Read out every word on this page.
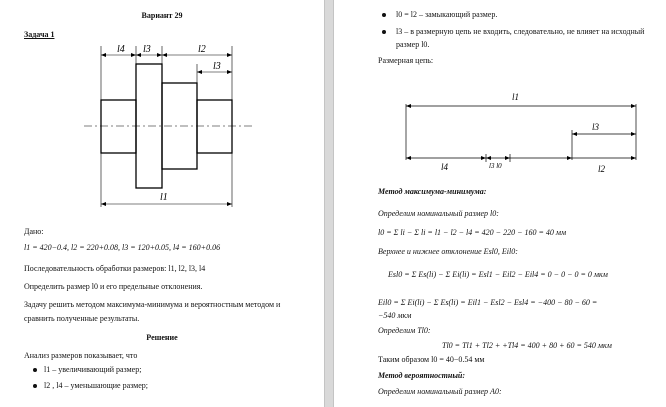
Вариант 29
Задача 1
l4 l3	l2
l3
l1
Дано:
l1 = 420−0.4, l2 = 220+0.08, l3 = 120+0.05, l4 = 160+0.06
Последовательность обработки размеров: l1, l2, l3, l4
Определить размер l0 и его предельные отклонения.
Задачу решить методом максимума-минимума и вероятностным методом и
сравнить полученные результаты.
Решение
Анализ размеров показывает, что
l1 – увеличивающий размер;
l2 , l4 – уменьшающие размер;
l0 = l2 – замыкающий размер.
l3 – в размерную цепь не входить, следовательно, не влияет на исходный
размер l0.
Размерная цепь:
l1
l3
l4	l3 l0	l2
Метод максимума-минимума:
Определим номинальный размер l0:
l0 = Σ li − Σ li = l1 − l2 − l4 = 420 − 220 − 160 = 40 мм
Верхнее и нижнее отклонение Esl0, Eil0:
Esl0 = Σ Es(li) − Σ Ei(li) = Esl1 − Eil2 − Eil4 = 0 − 0 − 0 = 0 мкм
Eil0 = Σ Ei(li) − Σ Es(li) = Eil1 − Esl2 − Esl4 = −400 − 80 − 60 =
−540 мкм
Определим Tl0:
Tl0 = Tl1 + Tl2 + +Tl4 = 400 + 80 + 60 = 540 мкм
Таким образом l0 = 40−0.54 мм
Метод вероятностный:
Определим номинальный размер A0:
